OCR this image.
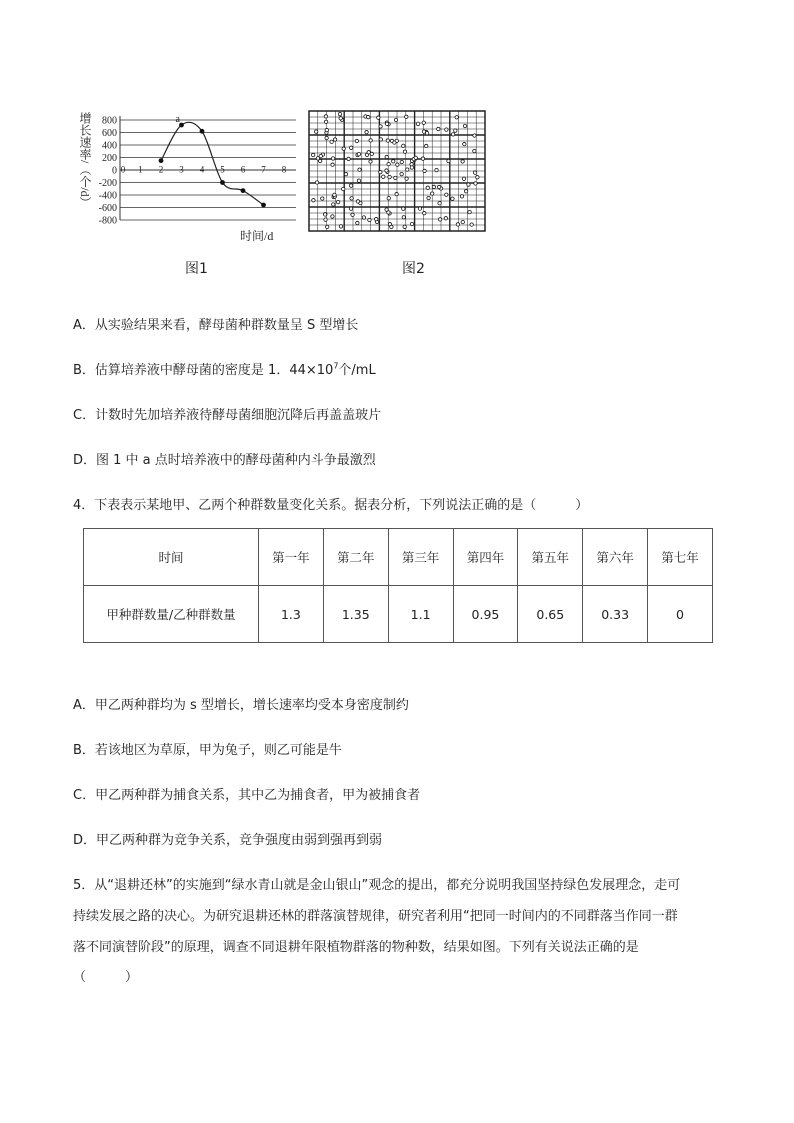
800
600
400
200
0
-200
-400
-600
-800
0 1 2 3 4 5 6 7 8
a
增长速率/（个/d）
时间/d
图1	图2
A．从实验结果来看，酵母菌种群数量呈 S 型增长
B．估算培养液中酵母菌的密度是 1．$44\times 10^7$个/mL
C．计数时先加培养液待酵母菌细胞沉降后再盖盖玻片
D．图 1 中 a 点时培养液中的酵母菌种内斗争最激烈
4．下表表示某地甲、乙两个种群数量变化关系。据表分析，下列说法正确的是（　　　）
时间	第一年	第二年	第三年	第四年	第五年	第六年	第七年
甲种群数量/乙种群数量	1.3	1.35	1.1	0.95	0.65	0.33	0
A．甲乙两种群均为 s 型增长，增长速率均受本身密度制约
B．若该地区为草原，甲为兔子，则乙可能是牛
C．甲乙两种群为捕食关系，其中乙为捕食者，甲为被捕食者
D．甲乙两种群为竞争关系，竞争强度由弱到强再到弱
5．从“退耕还林”的实施到“绿水青山就是金山银山”观念的提出，都充分说明我国坚持绿色发展理念，走可
持续发展之路的决心。为研究退耕还林的群落演替规律，研究者利用“把同一时间内的不同群落当作同一群
落不同演替阶段”的原理，调查不同退耕年限植物群落的物种数，结果如图。下列有关说法正确的是
（　　　）
